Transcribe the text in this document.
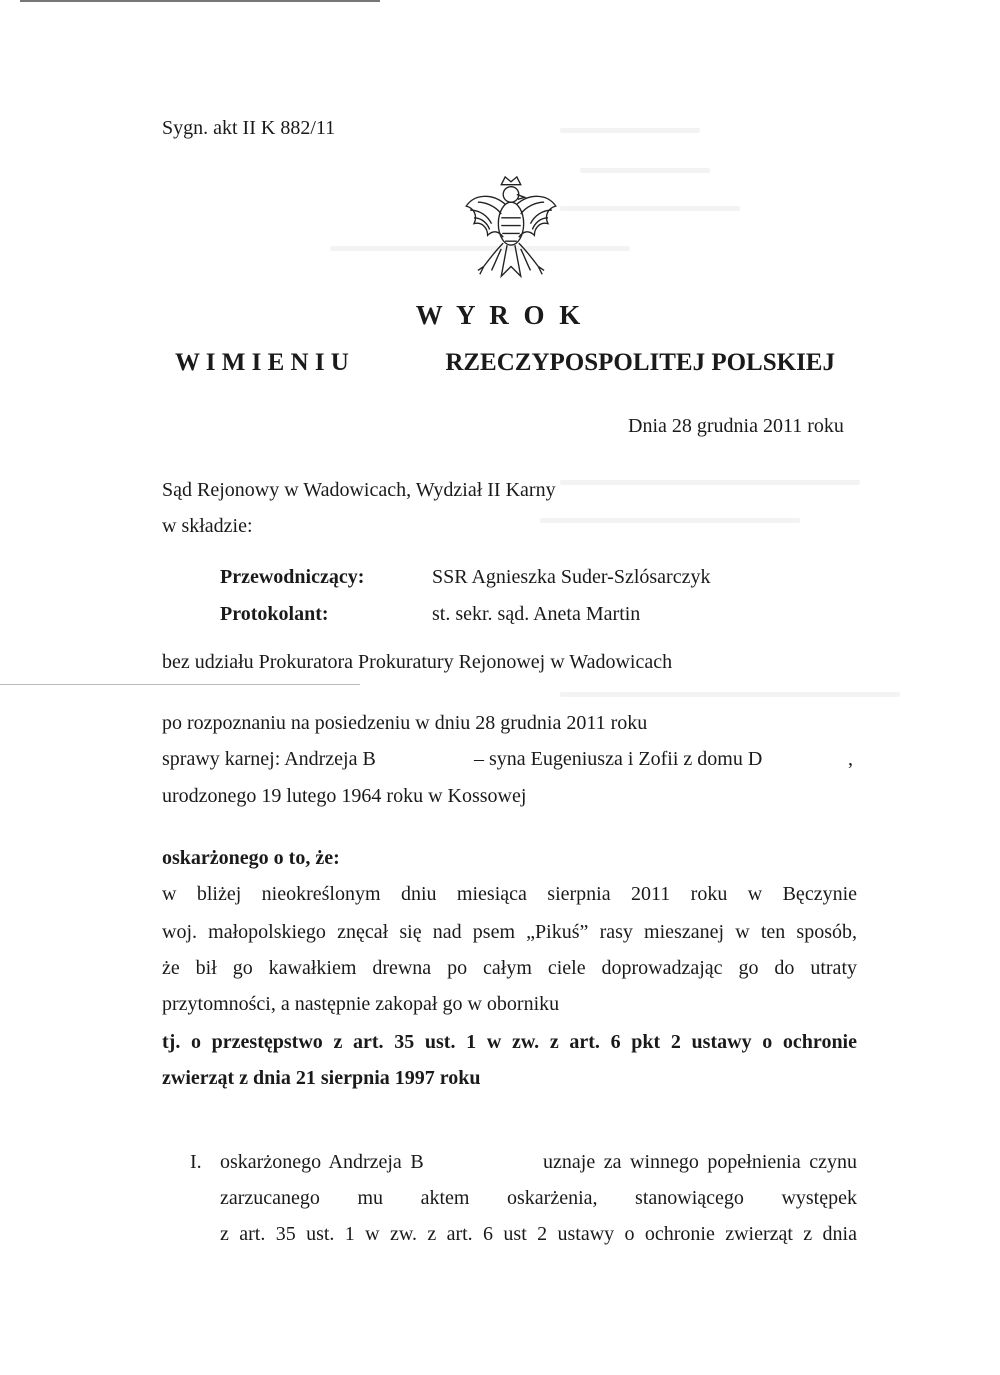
Sygn. akt II K 882/11
W Y R O K
W I M I E N I U	RZECZYPOSPOLITEJ POLSKIEJ
Dnia 28 grudnia 2011 roku
Sąd Rejonowy w Wadowicach, Wydział II Karny
w składzie:
Przewodniczący:	SSR Agnieszka Suder-Szlósarczyk
Protokolant:	st. sekr. sąd. Aneta Martin
bez udziału Prokuratora Prokuratury Rejonowej w Wadowicach
po rozpoznaniu na posiedzeniu w dniu 28 grudnia 2011 roku
sprawy karnej: Andrzeja B	– syna Eugeniusza i Zofii z domu D	,
urodzonego 19 lutego 1964 roku w Kossowej
oskarżonego o to, że:
w bliżej nieokreślonym dniu miesiąca sierpnia 2011 roku w Bęczynie
woj. małopolskiego znęcał się nad psem „Pikuś” rasy mieszanej w ten sposób,
że bił go kawałkiem drewna po całym ciele doprowadzając go do utraty
przytomności, a następnie zakopał go w oborniku
tj. o przestępstwo z art. 35 ust. 1 w zw. z art. 6 pkt 2 ustawy o ochronie
zwierząt z dnia 21 sierpnia 1997 roku
I. oskarżonego Andrzeja B              uznaje za winnego popełnienia czynu
zarzucanego mu aktem oskarżenia, stanowiącego występek
z art. 35 ust. 1 w zw. z art. 6 ust 2 ustawy o ochronie zwierząt z dnia
